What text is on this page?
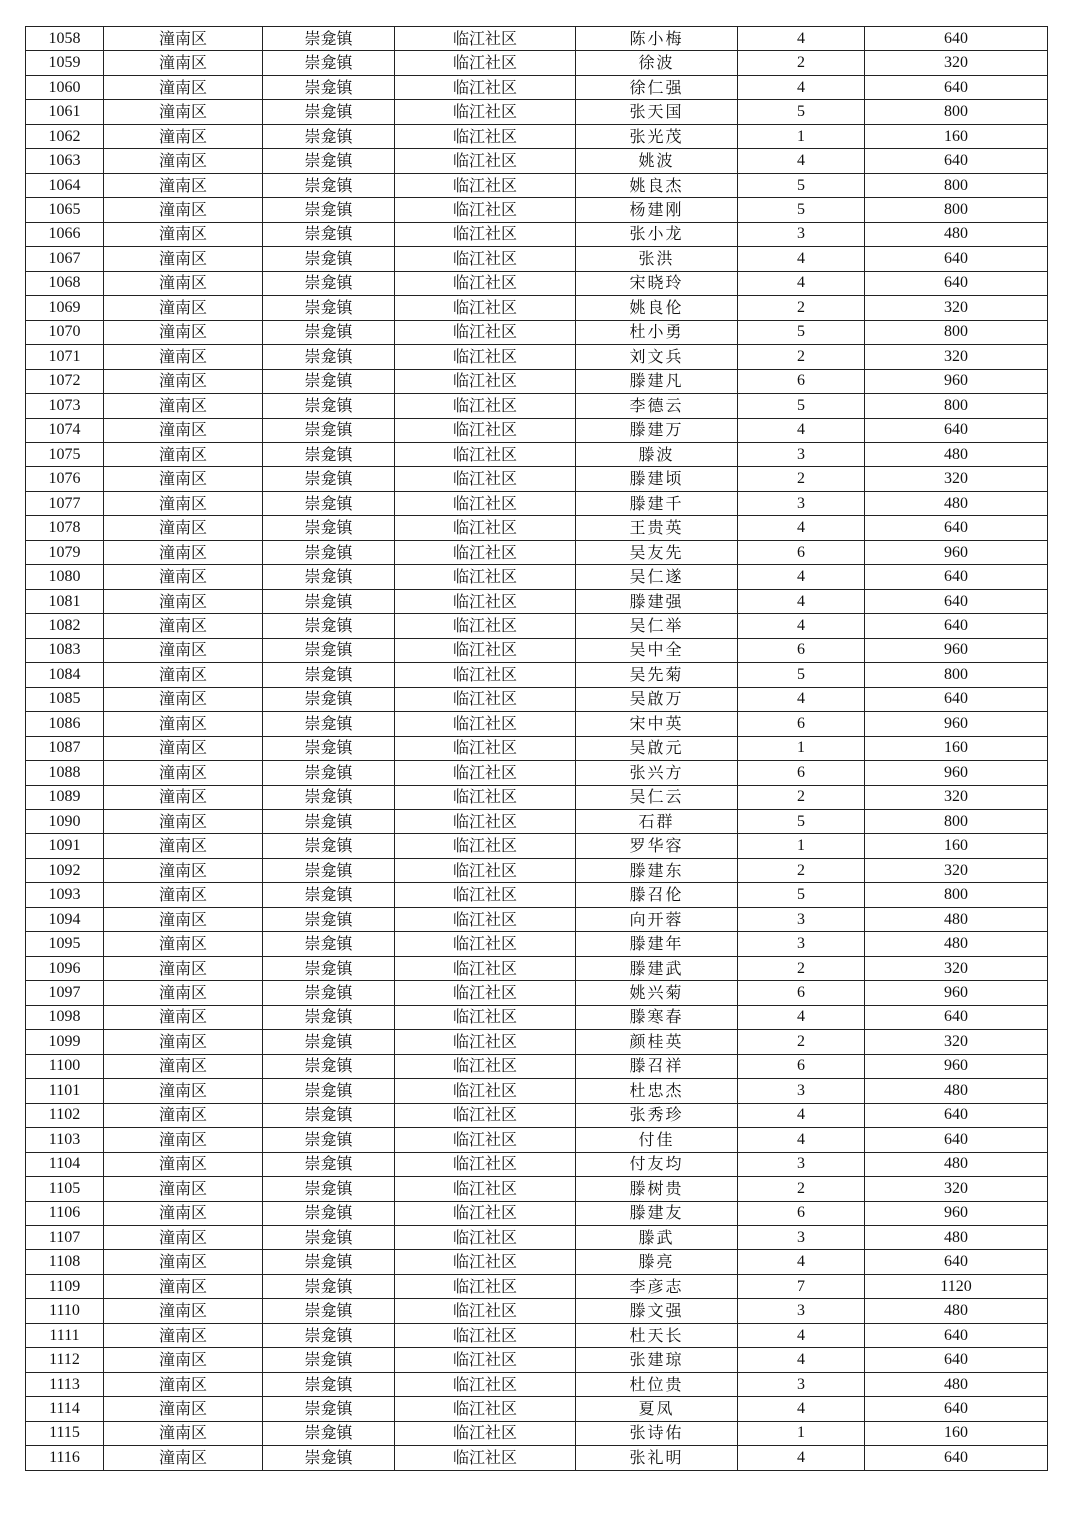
1058	潼南区	崇龛镇	临江社区	陈小梅	4	640
1059	潼南区	崇龛镇	临江社区	徐波	2	320
1060	潼南区	崇龛镇	临江社区	徐仁强	4	640
1061	潼南区	崇龛镇	临江社区	张天国	5	800
1062	潼南区	崇龛镇	临江社区	张光茂	1	160
1063	潼南区	崇龛镇	临江社区	姚波	4	640
1064	潼南区	崇龛镇	临江社区	姚良杰	5	800
1065	潼南区	崇龛镇	临江社区	杨建刚	5	800
1066	潼南区	崇龛镇	临江社区	张小龙	3	480
1067	潼南区	崇龛镇	临江社区	张洪	4	640
1068	潼南区	崇龛镇	临江社区	宋晓玲	4	640
1069	潼南区	崇龛镇	临江社区	姚良伦	2	320
1070	潼南区	崇龛镇	临江社区	杜小勇	5	800
1071	潼南区	崇龛镇	临江社区	刘文兵	2	320
1072	潼南区	崇龛镇	临江社区	滕建凡	6	960
1073	潼南区	崇龛镇	临江社区	李德云	5	800
1074	潼南区	崇龛镇	临江社区	滕建万	4	640
1075	潼南区	崇龛镇	临江社区	滕波	3	480
1076	潼南区	崇龛镇	临江社区	滕建顷	2	320
1077	潼南区	崇龛镇	临江社区	滕建千	3	480
1078	潼南区	崇龛镇	临江社区	王贵英	4	640
1079	潼南区	崇龛镇	临江社区	吴友先	6	960
1080	潼南区	崇龛镇	临江社区	吴仁遂	4	640
1081	潼南区	崇龛镇	临江社区	滕建强	4	640
1082	潼南区	崇龛镇	临江社区	吴仁举	4	640
1083	潼南区	崇龛镇	临江社区	吴中全	6	960
1084	潼南区	崇龛镇	临江社区	吴先菊	5	800
1085	潼南区	崇龛镇	临江社区	吴啟万	4	640
1086	潼南区	崇龛镇	临江社区	宋中英	6	960
1087	潼南区	崇龛镇	临江社区	吴啟元	1	160
1088	潼南区	崇龛镇	临江社区	张兴方	6	960
1089	潼南区	崇龛镇	临江社区	吴仁云	2	320
1090	潼南区	崇龛镇	临江社区	石群	5	800
1091	潼南区	崇龛镇	临江社区	罗华容	1	160
1092	潼南区	崇龛镇	临江社区	滕建东	2	320
1093	潼南区	崇龛镇	临江社区	滕召伦	5	800
1094	潼南区	崇龛镇	临江社区	向开蓉	3	480
1095	潼南区	崇龛镇	临江社区	滕建年	3	480
1096	潼南区	崇龛镇	临江社区	滕建武	2	320
1097	潼南区	崇龛镇	临江社区	姚兴菊	6	960
1098	潼南区	崇龛镇	临江社区	滕寒春	4	640
1099	潼南区	崇龛镇	临江社区	颜桂英	2	320
1100	潼南区	崇龛镇	临江社区	滕召祥	6	960
1101	潼南区	崇龛镇	临江社区	杜忠杰	3	480
1102	潼南区	崇龛镇	临江社区	张秀珍	4	640
1103	潼南区	崇龛镇	临江社区	付佳	4	640
1104	潼南区	崇龛镇	临江社区	付友均	3	480
1105	潼南区	崇龛镇	临江社区	滕树贵	2	320
1106	潼南区	崇龛镇	临江社区	滕建友	6	960
1107	潼南区	崇龛镇	临江社区	滕武	3	480
1108	潼南区	崇龛镇	临江社区	滕亮	4	640
1109	潼南区	崇龛镇	临江社区	李彦志	7	1120
1110	潼南区	崇龛镇	临江社区	滕文强	3	480
1111	潼南区	崇龛镇	临江社区	杜天长	4	640
1112	潼南区	崇龛镇	临江社区	张建琼	4	640
1113	潼南区	崇龛镇	临江社区	杜位贵	3	480
1114	潼南区	崇龛镇	临江社区	夏凤	4	640
1115	潼南区	崇龛镇	临江社区	张诗佑	1	160
1116	潼南区	崇龛镇	临江社区	张礼明	4	640
